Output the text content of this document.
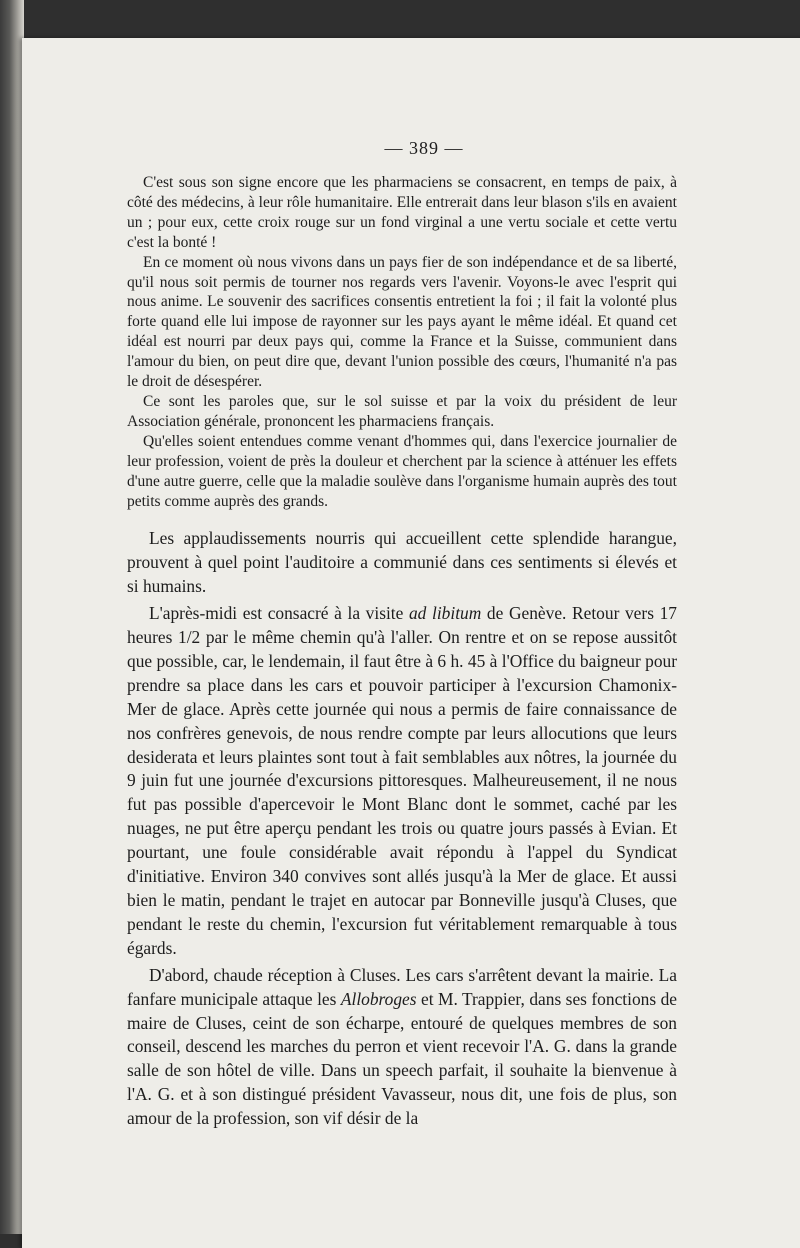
— 389 —

C'est sous son signe encore que les pharmaciens se consacrent, en temps de paix, à côté des médecins, à leur rôle humanitaire. Elle entrerait dans leur blason s'ils en avaient un ; pour eux, cette croix rouge sur un fond virginal a une vertu sociale et cette vertu c'est la bonté !

En ce moment où nous vivons dans un pays fier de son indépendance et de sa liberté, qu'il nous soit permis de tourner nos regards vers l'avenir. Voyons-le avec l'esprit qui nous anime. Le souvenir des sacrifices consentis entretient la foi ; il fait la volonté plus forte quand elle lui impose de rayonner sur les pays ayant le même idéal. Et quand cet idéal est nourri par deux pays qui, comme la France et la Suisse, communient dans l'amour du bien, on peut dire que, devant l'union possible des cœurs, l'humanité n'a pas le droit de désespérer.

Ce sont les paroles que, sur le sol suisse et par la voix du président de leur Association générale, prononcent les pharmaciens français.

Qu'elles soient entendues comme venant d'hommes qui, dans l'exercice journalier de leur profession, voient de près la douleur et cherchent par la science à atténuer les effets d'une autre guerre, celle que la maladie soulève dans l'organisme humain auprès des tout petits comme auprès des grands.

Les applaudissements nourris qui accueillent cette splendide harangue, prouvent à quel point l'auditoire a communié dans ces sentiments si élevés et si humains.

L'après-midi est consacré à la visite ad libitum de Genève. Retour vers 17 heures 1/2 par le même chemin qu'à l'aller. On rentre et on se repose aussitôt que possible, car, le lendemain, il faut être à 6 h. 45 à l'Office du baigneur pour prendre sa place dans les cars et pouvoir participer à l'excursion Chamonix-Mer de glace. Après cette journée qui nous a permis de faire connaissance de nos confrères genevois, de nous rendre compte par leurs allocutions que leurs desiderata et leurs plaintes sont tout à fait semblables aux nôtres, la journée du 9 juin fut une journée d'excursions pittoresques. Malheureusement, il ne nous fut pas possible d'apercevoir le Mont Blanc dont le sommet, caché par les nuages, ne put être aperçu pendant les trois ou quatre jours passés à Evian. Et pourtant, une foule considérable avait répondu à l'appel du Syndicat d'initiative. Environ 340 convives sont allés jusqu'à la Mer de glace. Et aussi bien le matin, pendant le trajet en autocar par Bonneville jusqu'à Cluses, que pendant le reste du chemin, l'excursion fut véritablement remarquable à tous égards.

D'abord, chaude réception à Cluses. Les cars s'arrêtent devant la mairie. La fanfare municipale attaque les Allobroges et M. Trappier, dans ses fonctions de maire de Cluses, ceint de son écharpe, entouré de quelques membres de son conseil, descend les marches du perron et vient recevoir l'A. G. dans la grande salle de son hôtel de ville. Dans un speech parfait, il souhaite la bienvenue à l'A. G. et à son distingué président Vavasseur, nous dit, une fois de plus, son amour de la profession, son vif désir de la
